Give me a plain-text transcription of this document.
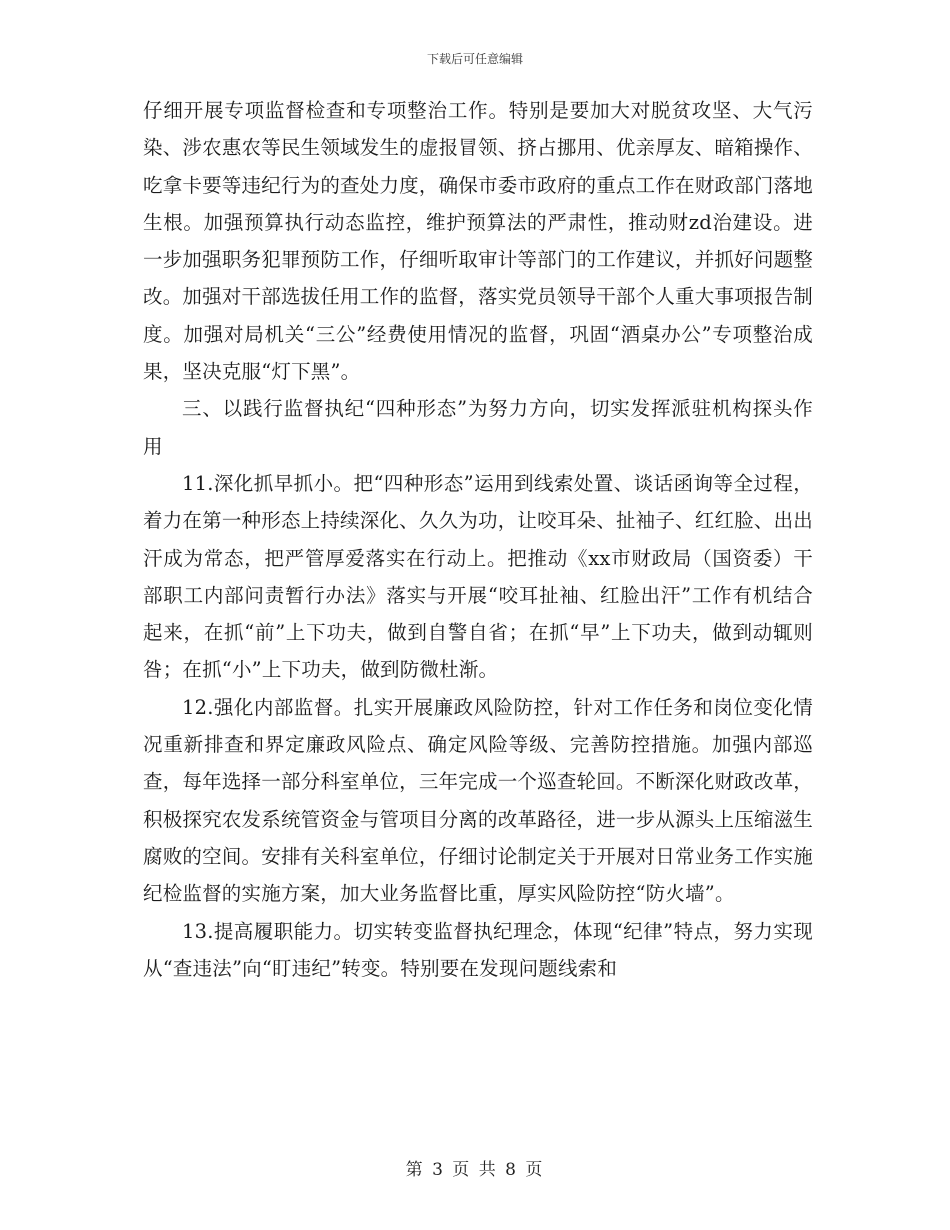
下载后可任意编辑

仔细开展专项监督检查和专项整治工作。特别是要加大对脱贫攻坚、大气污染、涉农惠农等民生领域发生的虚报冒领、挤占挪用、优亲厚友、暗箱操作、吃拿卡要等违纪行为的查处力度，确保市委市政府的重点工作在财政部门落地生根。加强预算执行动态监控，维护预算法的严肃性，推动财zd治建设。进一步加强职务犯罪预防工作，仔细听取审计等部门的工作建议，并抓好问题整改。加强对干部选拔任用工作的监督，落实党员领导干部个人重大事项报告制度。加强对局机关“三公”经费使用情况的监督，巩固“酒桌办公”专项整治成果，坚决克服“灯下黑”。

三、以践行监督执纪“四种形态”为努力方向，切实发挥派驻机构探头作用

11.深化抓早抓小。把“四种形态”运用到线索处置、谈话函询等全过程，着力在第一种形态上持续深化、久久为功，让咬耳朵、扯袖子、红红脸、出出汗成为常态，把严管厚爱落实在行动上。把推动《xx市财政局（国资委）干部职工内部问责暂行办法》落实与开展“咬耳扯袖、红脸出汗”工作有机结合起来，在抓“前”上下功夫，做到自警自省；在抓“早”上下功夫，做到动辄则咎；在抓“小”上下功夫，做到防微杜渐。

12.强化内部监督。扎实开展廉政风险防控，针对工作任务和岗位变化情况重新排查和界定廉政风险点、确定风险等级、完善防控措施。加强内部巡查，每年选择一部分科室单位，三年完成一个巡查轮回。不断深化财政改革，积极探究农发系统管资金与管项目分离的改革路径，进一步从源头上压缩滋生腐败的空间。安排有关科室单位，仔细讨论制定关于开展对日常业务工作实施纪检监督的实施方案，加大业务监督比重，厚实风险防控“防火墙”。

13.提高履职能力。切实转变监督执纪理念，体现“纪律”特点，努力实现从“查违法”向“盯违纪”转变。特别要在发现问题线索和

第 3 页 共 8 页
